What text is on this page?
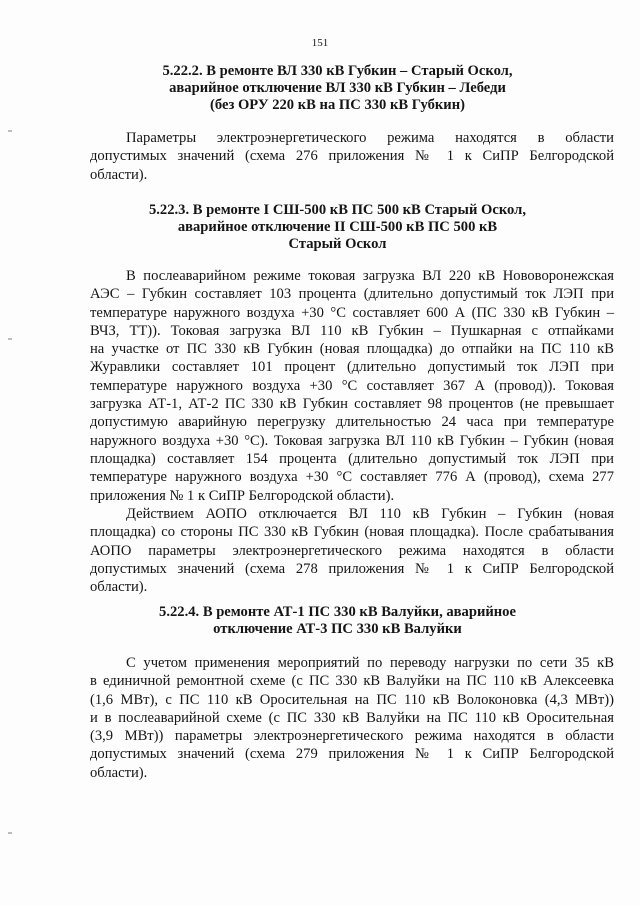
151
5.22.2. В ремонте ВЛ 330 кВ Губкин – Старый Оскол,
аварийное отключение ВЛ 330 кВ Губкин – Лебеди
(без ОРУ 220 кВ на ПС 330 кВ Губкин)
Параметры электроэнергетического режима находятся в области
допустимых значений (схема 276 приложения № 1 к СиПР Белгородской
области).
5.22.3. В ремонте I СШ-500 кВ ПС 500 кВ Старый Оскол,
аварийное отключение II СШ-500 кВ ПС 500 кВ
Старый Оскол
В послеаварийном режиме токовая загрузка ВЛ 220 кВ Нововоронежская
АЭС – Губкин составляет 103 процента (длительно допустимый ток ЛЭП при
температуре наружного воздуха +30 °С составляет 600 А (ПС 330 кВ Губкин –
ВЧЗ, ТТ)). Токовая загрузка ВЛ 110 кВ Губкин – Пушкарная с отпайками
на участке от ПС 330 кВ Губкин (новая площадка) до отпайки на ПС 110 кВ
Журавлики составляет 101 процент (длительно допустимый ток ЛЭП при
температуре наружного воздуха +30 °С составляет 367 А (провод)). Токовая
загрузка АТ-1, АТ-2 ПС 330 кВ Губкин составляет 98 процентов (не превышает
допустимую аварийную перегрузку длительностью 24 часа при температуре
наружного воздуха +30 °С). Токовая загрузка ВЛ 110 кВ Губкин – Губкин (новая
площадка) составляет 154 процента (длительно допустимый ток ЛЭП при
температуре наружного воздуха +30 °С составляет 776 А (провод), схема 277
приложения № 1 к СиПР Белгородской области).
Действием АОПО отключается ВЛ 110 кВ Губкин – Губкин (новая
площадка) со стороны ПС 330 кВ Губкин (новая площадка). После срабатывания
АОПО параметры электроэнергетического режима находятся в области
допустимых значений (схема 278 приложения № 1 к СиПР Белгородской
области).
5.22.4. В ремонте АТ-1 ПС 330 кВ Валуйки, аварийное
отключение АТ-3 ПС 330 кВ Валуйки
С учетом применения мероприятий по переводу нагрузки по сети 35 кВ
в единичной ремонтной схеме (с ПС 330 кВ Валуйки на ПС 110 кВ Алексеевка
(1,6 МВт), с ПС 110 кВ Оросительная на ПС 110 кВ Волоконовка (4,3 МВт))
и в послеаварийной схеме (с ПС 330 кВ Валуйки на ПС 110 кВ Оросительная
(3,9 МВт)) параметры электроэнергетического режима находятся в области
допустимых значений (схема 279 приложения № 1 к СиПР Белгородской
области).
